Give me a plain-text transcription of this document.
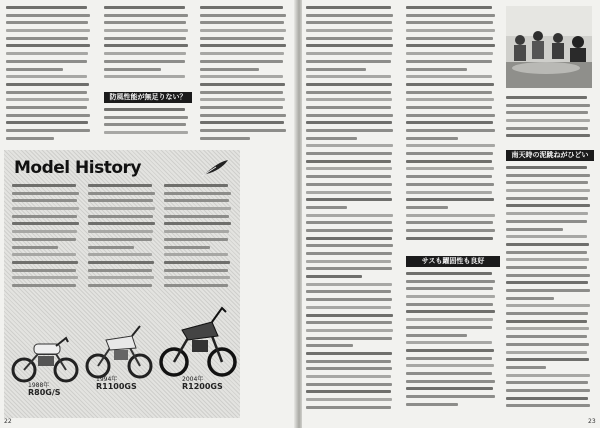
防風性能が無足りない？
Model History
1988年
R80G/S
1994年
R1100GS
2004年
R1200GS
22
サスも躍固性も良好
南天時の泥跳ねがひどい
23
